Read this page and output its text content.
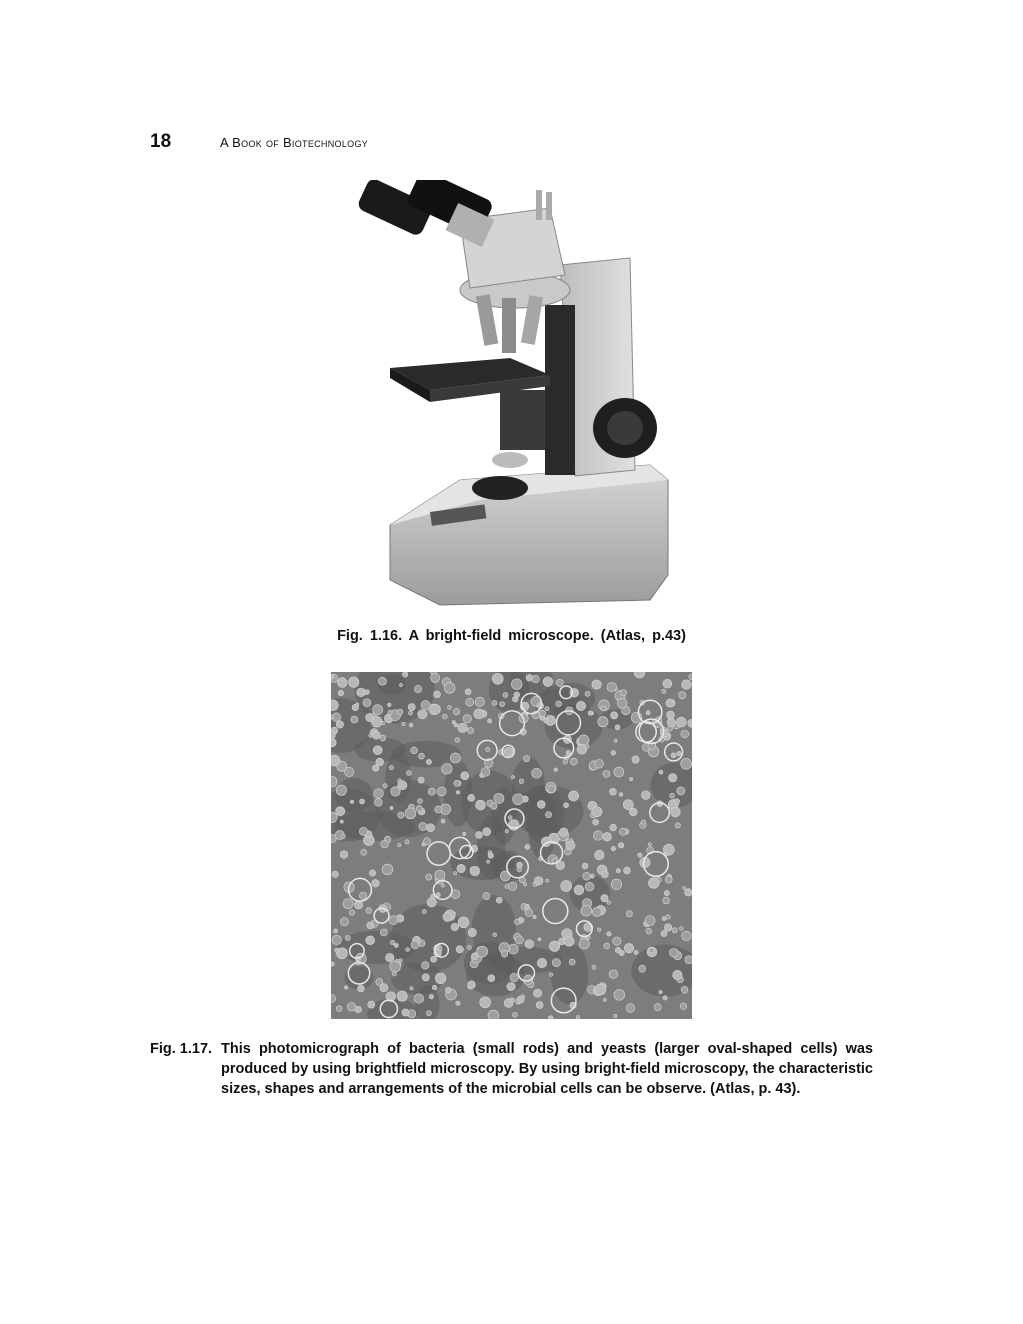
18	A Book of Biotechnology
Fig. 1.16. A bright-field microscope. (Atlas, p.43)
Fig. 1.17. This photomicrograph of bacteria (small rods) and yeasts (larger oval-shaped cells) was produced by using brightfield microscopy. By using bright-field microscopy, the characteristic sizes, shapes and arrangements of the microbial cells can be observe. (Atlas, p. 43).
